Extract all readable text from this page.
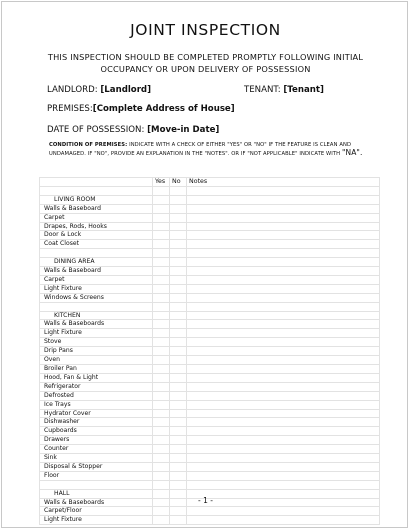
JOINT INSPECTION
THIS INSPECTION SHOULD BE COMPLETED PROMPTLY FOLLOWING INITIAL
OCCUPANCY OR UPON DELIVERY OF POSSESSION
LANDLORD: [Landlord]	TENANT: [Tenant]
PREMISES:[Complete Address of House]
DATE OF POSSESSION: [Move-in Date]
CONDITION OF PREMISES: INDICATE WITH A CHECK OF EITHER "YES" OR "NO" IF THE FEATURE IS CLEAN AND UNDAMAGED. IF "NO", PROVIDE AN EXPLANATION IN THE "NOTES". OR IF "NOT APPLICABLE" INDICATE WITH "NA".
	Yes	No	Notes

LIVING ROOM			
Walls & Baseboard			
Carpet			
Drapes, Rods, Hooks			
Door & Lock			
Coat Closet			

DINING AREA			
Walls & Baseboard			
Carpet			
Light Fixture			
Windows & Screens			

KITCHEN			
Walls & Baseboards			
Light Fixture			
Stove			
Drip Pans			
Oven			
Broiler Pan			
Hood, Fan & Light			
Refrigerator			
Defrosted			
Ice Trays			
Hydrator Cover			
Dishwasher			
Cupboards			
Drawers			
Counter			
Sink			
Disposal & Stopper			
Floor			

HALL			
Walls & Baseboards			
Carpet/Floor			
Light Fixture			
- 1 -
